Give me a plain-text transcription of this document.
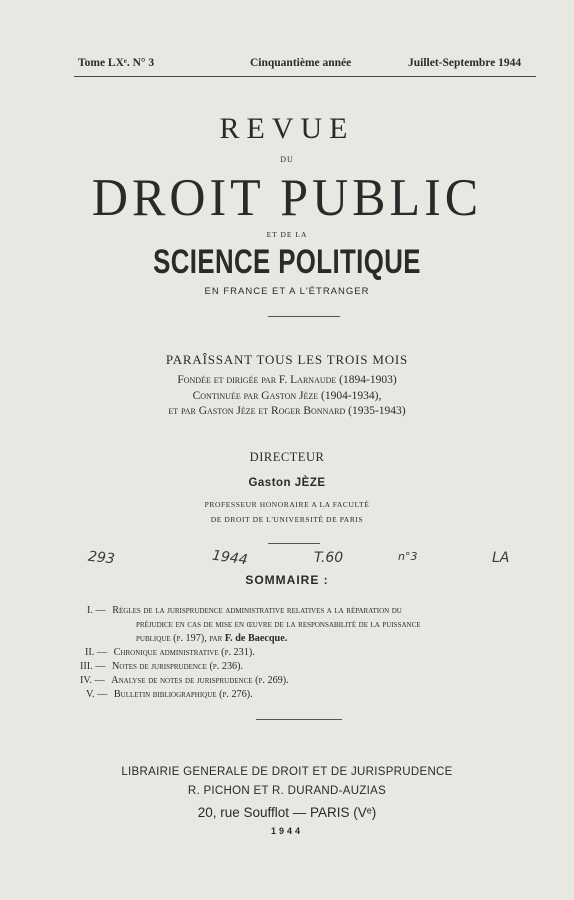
Tome LXᵉ. N° 3	Cinquantième année	Juillet-Septembre 1944
REVUE
DU
DROIT PUBLIC
ET DE LA
SCIENCE POLITIQUE
EN FRANCE ET A L'ÉTRANGER
PARAÎSSANT TOUS LES TROIS MOIS
Fondée et dirigée par F. Larnaude (1894-1903)
Continuée par Gaston Jèze (1904-1934),
et par Gaston Jèze et Roger Bonnard (1935-1943)
DIRECTEUR
Gaston JÈZE
PROFESSEUR HONORAIRE A LA FACULTÉ
DE DROIT DE L'UNIVERSITÉ DE PARIS
293	1944	T.60	n°3	LA
SOMMAIRE :
I. — Règles de la jurisprudence administrative relatives a la réparation du
préjudice en cas de mise en œuvre de la responsabilité de la puissance
publique (p. 197), par F. de Baecque.
II. — Chronique administrative (p. 231).
III. — Notes de jurisprudence (p. 236).
IV. — Analyse de notes de jurisprudence (p. 269).
V. — Bulletin bibliographique (p. 276).
LIBRAIRIE GENERALE DE DROIT ET DE JURISPRUDENCE
R. PICHON ET R. DURAND-AUZIAS
20, rue Soufflot — PARIS (Vᵉ)
1944
